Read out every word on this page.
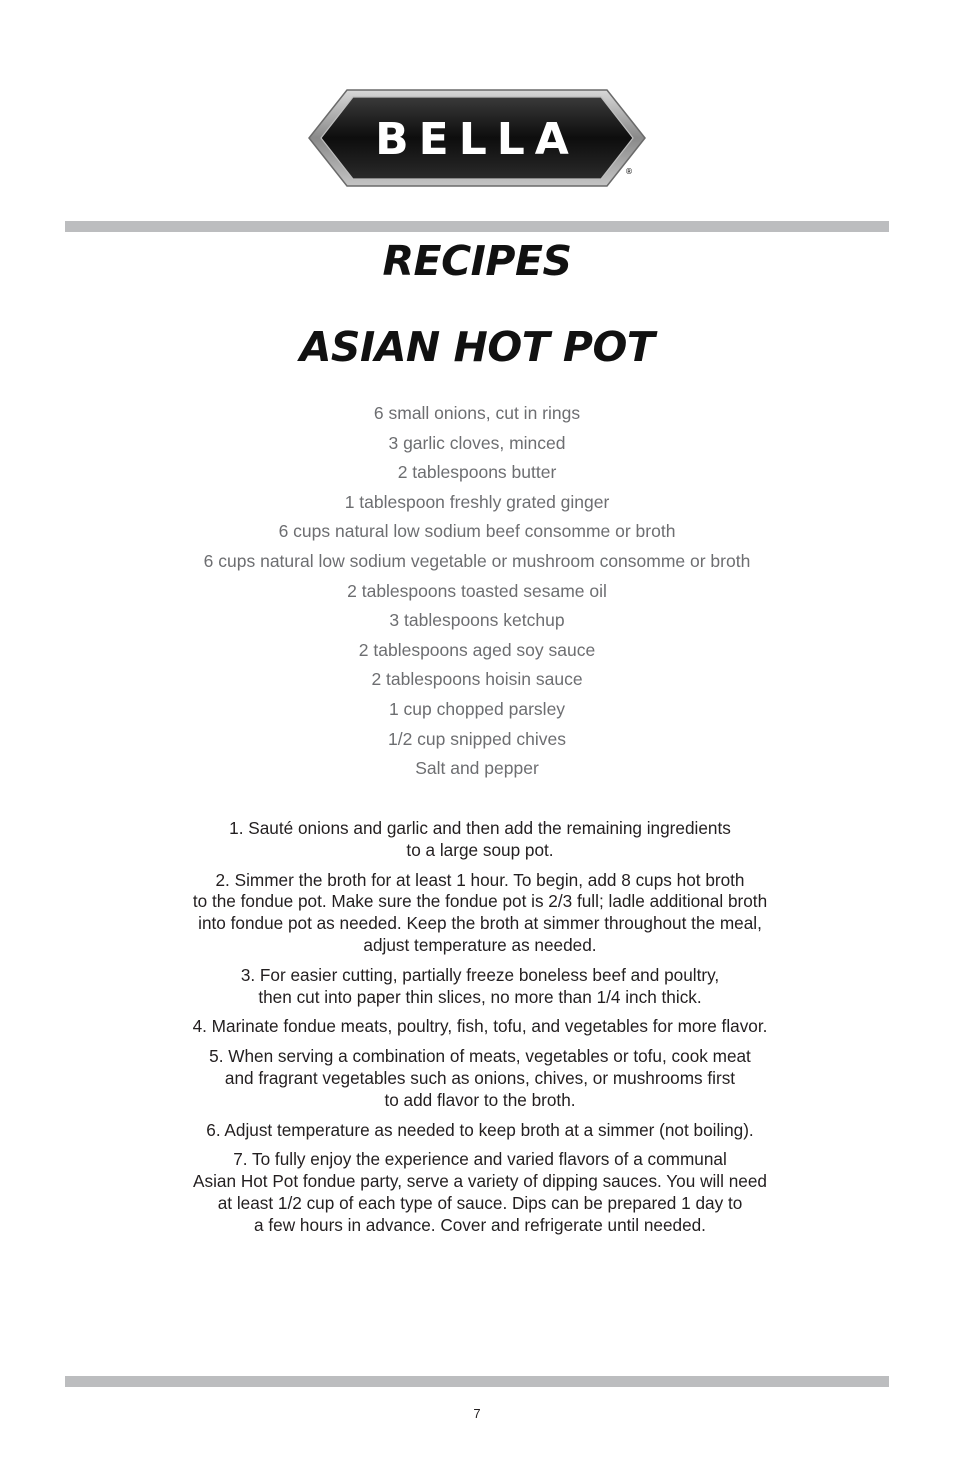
BELLA
®
RECIPES
ASIAN HOT POT
6 small onions, cut in rings
3 garlic cloves, minced
2 tablespoons butter
1 tablespoon freshly grated ginger
6 cups natural low sodium beef consomme or broth
6 cups natural low sodium vegetable or mushroom consomme or broth
2 tablespoons toasted sesame oil
3 tablespoons ketchup
2 tablespoons aged soy sauce
2 tablespoons hoisin sauce
1 cup chopped parsley
1/2 cup snipped chives
Salt and pepper
1. Sauté onions and garlic and then add the remaining ingredients
to a large soup pot.
2. Simmer the broth for at least 1 hour. To begin, add 8 cups hot broth
to the fondue pot. Make sure the fondue pot is 2/3 full; ladle additional broth
into fondue pot as needed. Keep the broth at simmer throughout the meal,
adjust temperature as needed.
3. For easier cutting, partially freeze boneless beef and poultry,
then cut into paper thin slices, no more than 1/4 inch thick.
4. Marinate fondue meats, poultry, fish, tofu, and vegetables for more flavor.
5. When serving a combination of meats, vegetables or tofu, cook meat
and fragrant vegetables such as onions, chives, or mushrooms first
to add flavor to the broth.
6. Adjust temperature as needed to keep broth at a simmer (not boiling).
7. To fully enjoy the experience and varied flavors of a communal
Asian Hot Pot fondue party, serve a variety of dipping sauces. You will need
at least 1/2 cup of each type of sauce. Dips can be prepared 1 day to
a few hours in advance. Cover and refrigerate until needed.
7
